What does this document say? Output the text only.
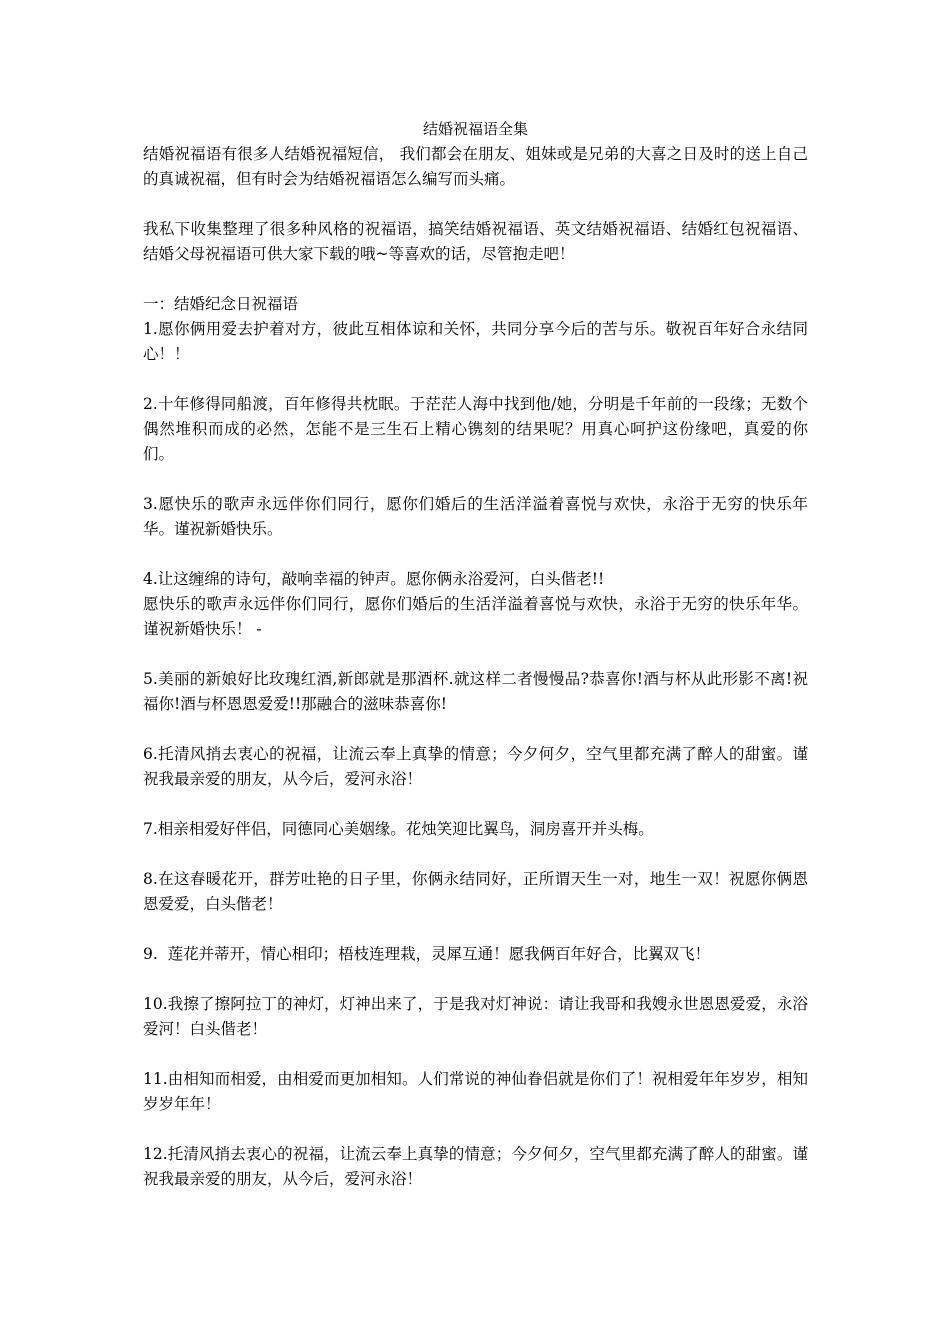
结婚祝福语全集

结婚祝福语有很多人结婚祝福短信， 我们都会在朋友、姐妹或是兄弟的大喜之日及时的送上自己的真诚祝福，但有时会为结婚祝福语怎么编写而头痛。

我私下收集整理了很多种风格的祝福语，搞笑结婚祝福语、英文结婚祝福语、结婚红包祝福语、结婚父母祝福语可供大家下载的哦~等喜欢的话，尽管抱走吧！

一：结婚纪念日祝福语

1.愿你俩用爱去护着对方，彼此互相体谅和关怀，共同分享今后的苦与乐。敬祝百年好合永结同心！！

2.十年修得同船渡，百年修得共枕眠。于茫茫人海中找到他/她，分明是千年前的一段缘；无数个偶然堆积而成的必然，怎能不是三生石上精心镌刻的结果呢？用真心呵护这份缘吧，真爱的你们。

3.愿快乐的歌声永远伴你们同行，愿你们婚后的生活洋溢着喜悦与欢快，永浴于无穷的快乐年华。谨祝新婚快乐。

4.让这缠绵的诗句，敲响幸福的钟声。愿你俩永浴爱河，白头偕老!!

愿快乐的歌声永远伴你们同行，愿你们婚后的生活洋溢着喜悦与欢快，永浴于无穷的快乐年华。谨祝新婚快乐！ -

5.美丽的新娘好比玫瑰红酒,新郎就是那酒杯.就这样二者慢慢品?恭喜你!酒与杯从此形影不离!祝福你!酒与杯恩恩爱爱!!那融合的滋味恭喜你!

6.托清风捎去衷心的祝福，让流云奉上真挚的情意；今夕何夕，空气里都充满了醉人的甜蜜。谨祝我最亲爱的朋友，从今后，爱河永浴！

7.相亲相爱好伴侣，同德同心美姻缘。花烛笑迎比翼鸟，洞房喜开并头梅。

8.在这春暖花开，群芳吐艳的日子里，你俩永结同好，正所谓天生一对，地生一双！祝愿你俩恩恩爱爱，白头偕老！

9.  莲花并蒂开，情心相印；梧枝连理栽，灵犀互通！愿我俩百年好合，比翼双飞！

10.我擦了擦阿拉丁的神灯，灯神出来了，于是我对灯神说：请让我哥和我嫂永世恩恩爱爱，永浴爱河！白头偕老！

11.由相知而相爱，由相爱而更加相知。人们常说的神仙眷侣就是你们了！祝相爱年年岁岁，相知岁岁年年！

12.托清风捎去衷心的祝福，让流云奉上真挚的情意；今夕何夕，空气里都充满了醉人的甜蜜。谨祝我最亲爱的朋友，从今后，爱河永浴！
